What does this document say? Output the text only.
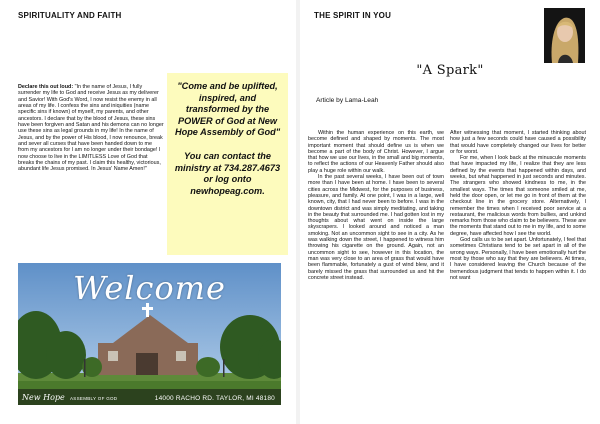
SPIRITUALITY AND FAITH
Declare this out loud: "In the name of Jesus, I fully surrender my life to God and receive Jesus as my deliverer and Savior! With God's Word, I now resist the enemy in all areas of my life. I confess the sins and iniquities (name specific sins if known) of myself, my parents, and other ancestors. I declare that by the blood of Jesus, these sins have been forgiven and Satan and his demons can no longer use these sins as legal grounds in my life! In the name of Jesus, and by the power of His blood, I now renounce, break and sever all curses that have been handed down to me from my ancestors for I am no longer under their bondage! I now choose to live in the LIMITLESS Love of God that breaks the chains of my past. I claim this healthy, victorious, abundant life Jesus promised. In Jesus' Name Amen!"
"Come and be uplifted, inspired, and transformed by the POWER of God at New Hope Assembly of God"
You can contact the ministry at 734.287.4673 or log onto newhopeag.com.
Welcome
New Hope ASSEMBLY OF GOD	14000 RACHO RD. TAYLOR, MI 48180
THE SPIRIT IN YOU
"A Spark"
Article by Lama-Leah

Within the human experience on this earth, we become defined and shaped by moments. The most important moment that should define us is when we become a part of the body of Christ. However, I argue that how we use our lives, in the small and big moments, to reflect the actions of our Heavenly Father should also play a huge role within our walk.

In the past several weeks, I have been out of town more than I have been at home. I have been to several cities across the Midwest, for the purposes of business, pleasure, and family. At one point, I was in a large, well known, city, that I had never been to before. I was in the downtown district and was simply meditating, and taking in the beauty that surrounded me. I had gotten lost in my thoughts about what went on inside the large skyscrapers. I looked around and noticed a man smoking. Not an uncommon sight to see in a city. As he was walking down the street, I happened to witness him throwing his cigarette on the ground. Again, not an uncommon sight to see, however in this location, the man was very close to an area of grass that would have been flammable, fortunately a gust of wind blew, and it barely missed the grass that surrounded us and hit the concrete street instead.

After witnessing that moment, I started thinking about how just a few seconds could have caused a possibility that would have completely changed our lives for better or for worst.

For me, when I look back at the minuscule moments that have impacted my life, I realize that they are less defined by the events that happened within days, and weeks, but what happened in just seconds and minutes. The strangers who showed kindness to me, in the smallest ways. The times that someone smiled at me, held the door open, or let me go in front of them at the checkout line in the grocery store. Alternatively, I remember the times when I received poor service at a restaurant, the malicious words from bullies, and unkind remarks from those who claim to be believers. These are the moments that stand out to me in my life, and to some degree, have affected how I see the world.

God calls us to be set apart. Unfortunately, I feel that sometimes Christians tend to be set apart in all of the wrong ways. Personally, I have been emotionally hurt the most by those who say that they are believers. At times, I have considered leaving the Church because of the tremendous judgment that tends to happen within it. I do not want
